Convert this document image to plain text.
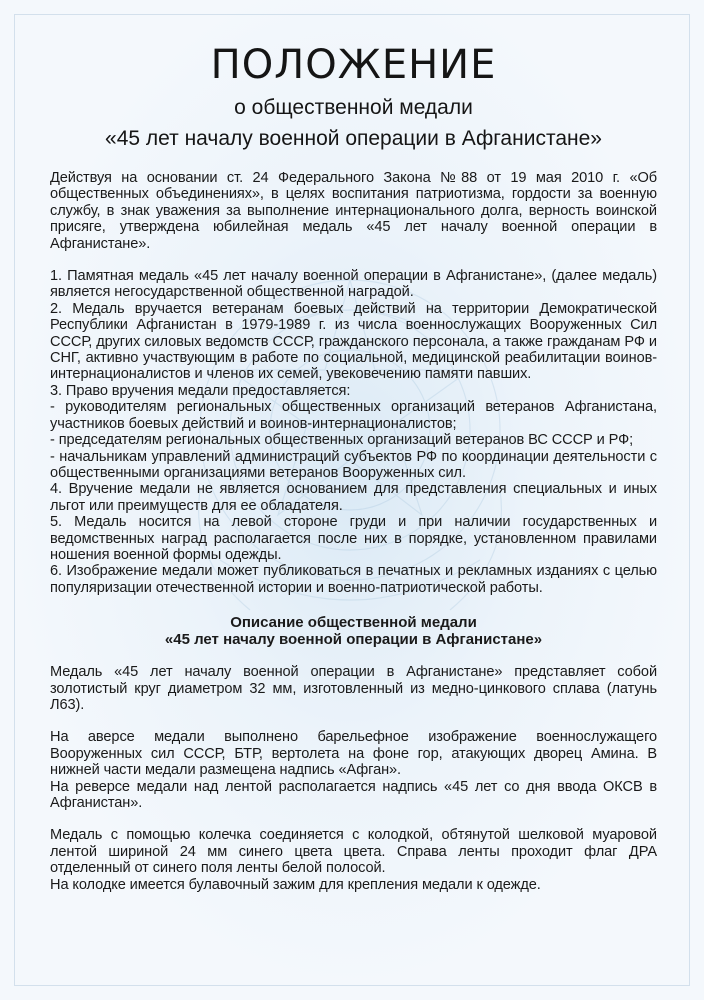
ПОЛОЖЕНИЕ
о общественной медали
«45 лет началу военной операции в Афганистане»

Действуя на основании ст. 24 Федерального Закона №88 от 19 мая 2010 г. «Об общественных объединениях», в целях воспитания патриотизма, гордости за военную службу, в знак уважения за выполнение интернационального долга, верность воинской присяге, утверждена юбилейная медаль «45 лет началу военной операции в Афганистане».

1. Памятная медаль «45 лет началу военной операции в Афганистане», (далее медаль) является негосударственной общественной наградой.

2. Медаль вручается ветеранам боевых действий на территории Демократической Республики Афганистан в 1979-1989 г. из числа военнослужащих Вооруженных Сил СССР, других силовых ведомств СССР, гражданского персонала, а также гражданам РФ и СНГ, активно участвующим в работе по социальной, медицинской реабилитации воинов-интернационалистов и членов их семей, увековечению памяти павших.

3. Право вручения медали предоставляется:

- руководителям региональных общественных организаций ветеранов Афганистана, участников боевых действий и воинов-интернационалистов;

- председателям региональных общественных организаций ветеранов ВС СССР и РФ;

- начальникам управлений администраций субъектов РФ по координации деятельности с общественными организациями ветеранов Вооруженных сил.

4. Вручение медали не является основанием для представления специальных и иных льгот или преимуществ для ее обладателя.

5. Медаль носится на левой стороне груди и при наличии государственных и ведомственных наград располагается после них в порядке, установленном правилами ношения военной формы одежды.

6. Изображение медали может публиковаться в печатных и рекламных изданиях с целью популяризации отечественной истории и военно-патриотической работы.

Описание общественной медали
«45 лет началу военной операции в Афганистане»

Медаль «45 лет началу военной операции в Афганистане» представляет собой золотистый круг диаметром 32 мм, изготовленный из медно-цинкового сплава (латунь Л63).

На аверсе медали выполнено барельефное изображение военнослужащего Вооруженных сил СССР, БТР, вертолета на фоне гор, атакующих дворец Амина. В нижней части медали размещена надпись «Афган».

На реверсе медали над лентой располагается надпись «45 лет со дня ввода ОКСВ в Афганистан».

Медаль с помощью колечка соединяется с колодкой, обтянутой шелковой муаровой лентой шириной 24 мм синего цвета цвета. Справа ленты проходит флаг ДРА отделенный от синего поля ленты белой полосой.

На колодке имеется булавочный зажим для крепления медали к одежде.
